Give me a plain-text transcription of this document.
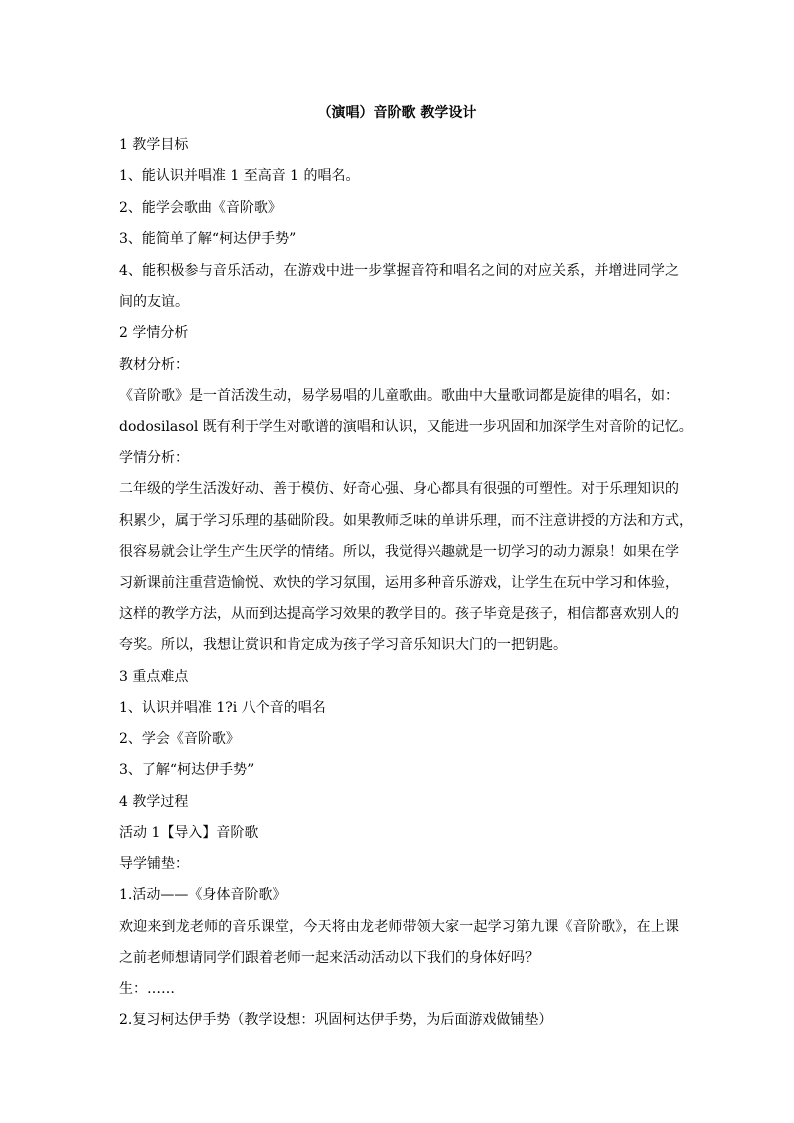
（演唱）音阶歌 教学设计
1 教学目标
1、能认识并唱准 1 至高音 1 的唱名。
2、能学会歌曲《音阶歌》
3、能简单了解“柯达伊手势”
4、能积极参与音乐活动，在游戏中进一步掌握音符和唱名之间的对应关系，并增进同学之
间的友谊。
2 学情分析
教材分析：
《音阶歌》是一首活泼生动，易学易唱的儿童歌曲。歌曲中大量歌词都是旋律的唱名，如：
dodosilasol 既有利于学生对歌谱的演唱和认识，又能进一步巩固和加深学生对音阶的记忆。
学情分析：
二年级的学生活泼好动、善于模仿、好奇心强、身心都具有很强的可塑性。对于乐理知识的
积累少，属于学习乐理的基础阶段。如果教师乏味的单讲乐理，而不注意讲授的方法和方式，
很容易就会让学生产生厌学的情绪。所以，我觉得兴趣就是一切学习的动力源泉！如果在学
习新课前注重营造愉悦、欢快的学习氛围，运用多种音乐游戏，让学生在玩中学习和体验，
这样的教学方法，从而到达提高学习效果的教学目的。孩子毕竟是孩子，相信都喜欢别人的
夸奖。所以，我想让赏识和肯定成为孩子学习音乐知识大门的一把钥匙。
3 重点难点
1、认识并唱准 1?i 八个音的唱名
2、学会《音阶歌》
3、了解“柯达伊手势”
4 教学过程
活动 1【导入】音阶歌
导学铺垫：
1.活动——《身体音阶歌》
欢迎来到龙老师的音乐课堂，今天将由龙老师带领大家一起学习第九课《音阶歌》，在上课
之前老师想请同学们跟着老师一起来活动活动以下我们的身体好吗？
生：……
2.复习柯达伊手势（教学设想：巩固柯达伊手势，为后面游戏做铺垫）
